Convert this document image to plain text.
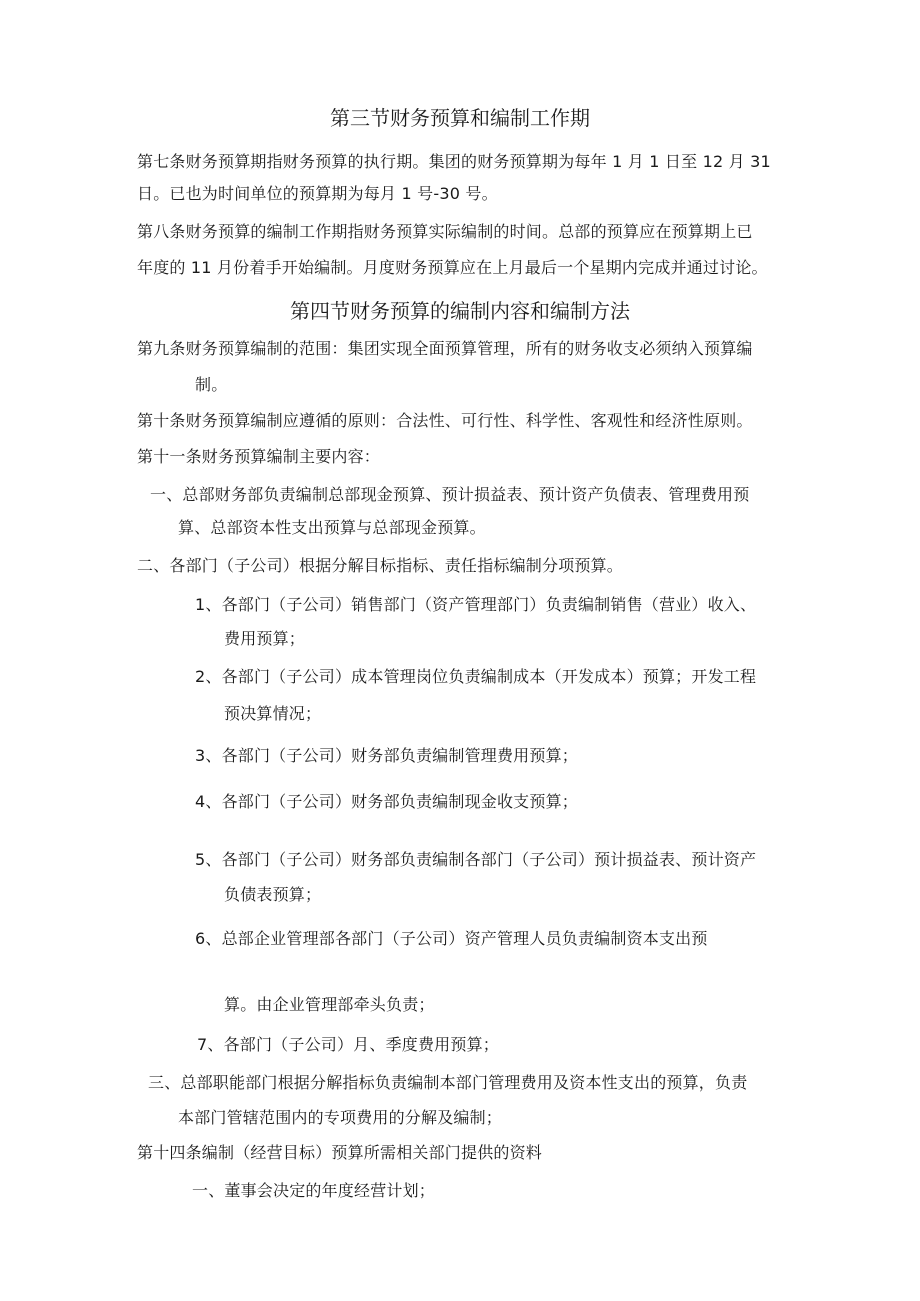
第三节财务预算和编制工作期
第七条财务预算期指财务预算的执行期。集团的财务预算期为每年 1 月 1 日至 12 月 31
日。已也为时间单位的预算期为每月 1 号-30 号。
第八条财务预算的编制工作期指财务预算实际编制的时间。总部的预算应在预算期上已
年度的 11 月份着手开始编制。月度财务预算应在上月最后一个星期内完成并通过讨论。
第四节财务预算的编制内容和编制方法
第九条财务预算编制的范围：集团实现全面预算管理，所有的财务收支必须纳入预算编
制。
第十条财务预算编制应遵循的原则：合法性、可行性、科学性、客观性和经济性原则。
第十一条财务预算编制主要内容：
一、总部财务部负责编制总部现金预算、预计损益表、预计资产负债表、管理费用预
算、总部资本性支出预算与总部现金预算。
二、各部门（子公司）根据分解目标指标、责任指标编制分项预算。
1、各部门（子公司）销售部门（资产管理部门）负责编制销售（营业）收入、
费用预算；
2、各部门（子公司）成本管理岗位负责编制成本（开发成本）预算；开发工程
预决算情况；
3、各部门（子公司）财务部负责编制管理费用预算；
4、各部门（子公司）财务部负责编制现金收支预算；
5、各部门（子公司）财务部负责编制各部门（子公司）预计损益表、预计资产
负债表预算；
6、总部企业管理部各部门（子公司）资产管理人员负责编制资本支出预
算。由企业管理部牵头负责；
7、各部门（子公司）月、季度费用预算；
三、总部职能部门根据分解指标负责编制本部门管理费用及资本性支出的预算，负责
本部门管辖范围内的专项费用的分解及编制；
第十四条编制（经营目标）预算所需相关部门提供的资料
一、董事会决定的年度经营计划；
